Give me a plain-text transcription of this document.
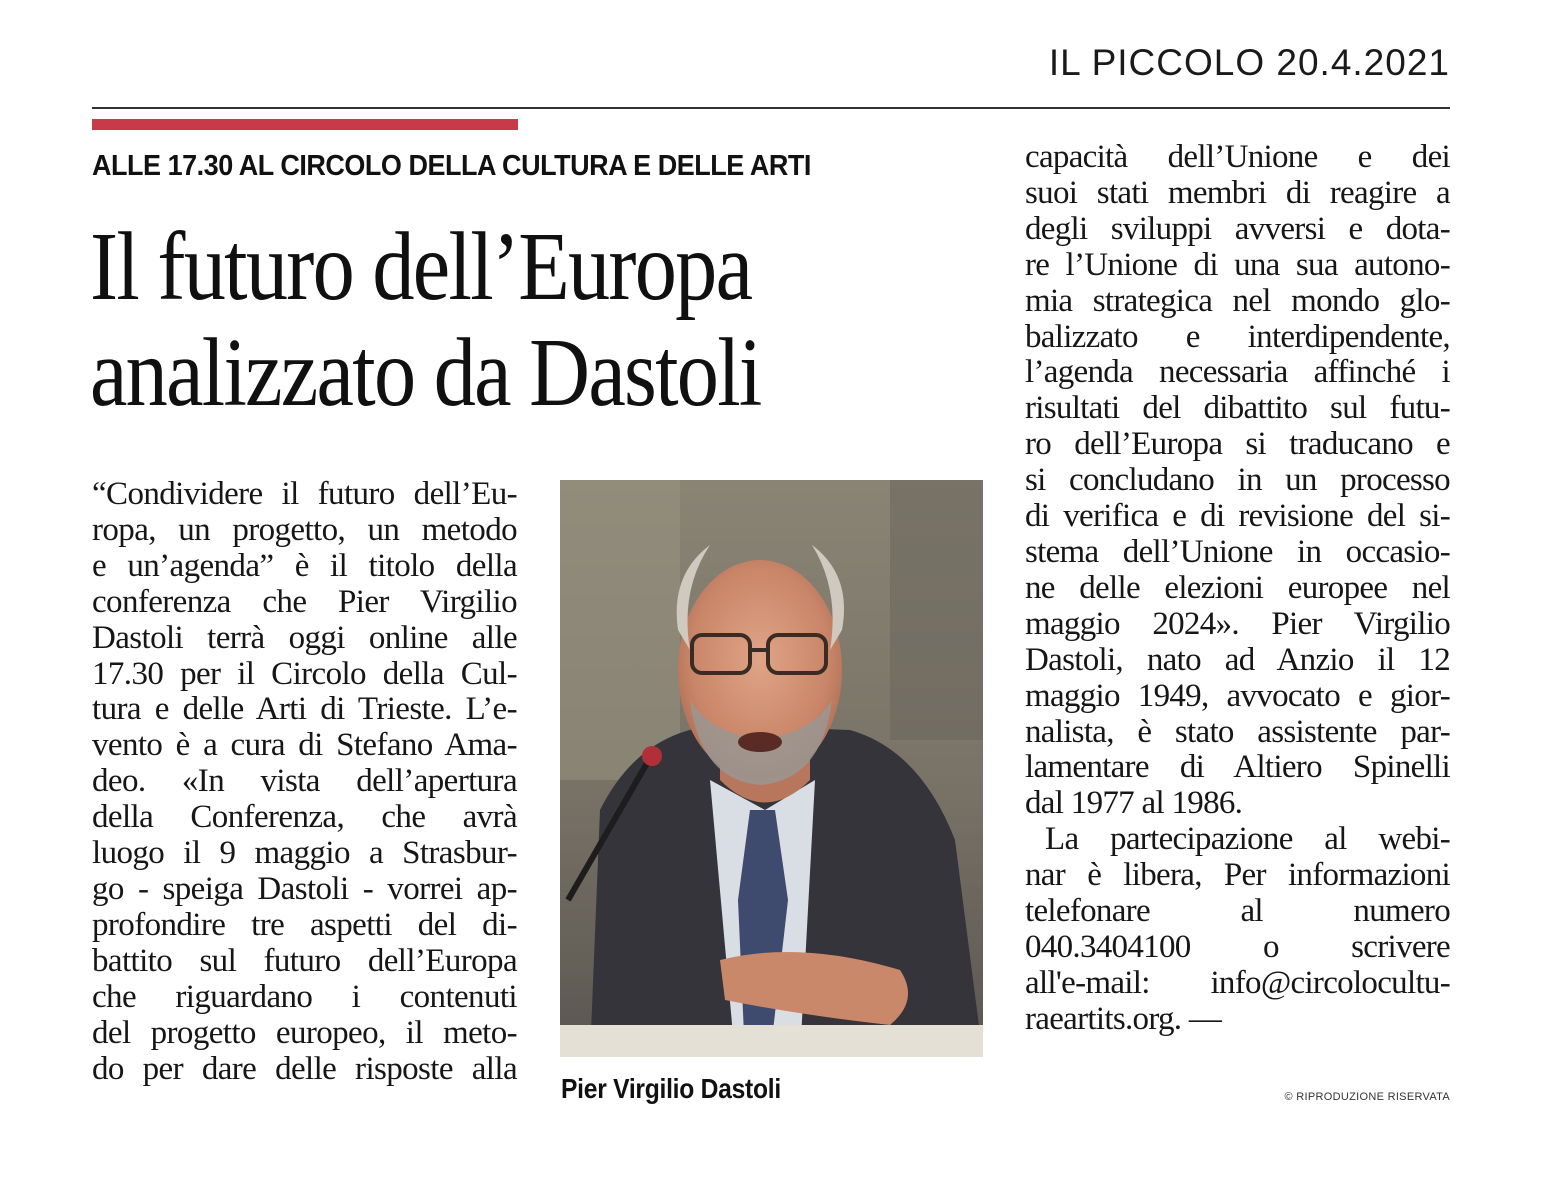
IL PICCOLO 20.4.2021
ALLE 17.30 AL CIRCOLO DELLA CULTURA E DELLE ARTI
Il futuro dell’Europa
analizzato da Dastoli
“Condividere il futuro dell’Eu-
ropa, un progetto, un metodo
e un’agenda” è il titolo della
conferenza che Pier Virgilio
Dastoli terrà oggi online alle
17.30 per il Circolo della Cul-
tura e delle Arti di Trieste. L’e-
vento è a cura di Stefano Ama-
deo. «In vista dell’apertura
della Conferenza, che avrà
luogo il 9 maggio a Strasbur-
go - speiga Dastoli - vorrei ap-
profondire tre aspetti del di-
battito sul futuro dell’Europa
che riguardano i contenuti
del progetto europeo, il meto-
do per dare delle risposte alla
Pier Virgilio Dastoli
capacità dell’Unione e dei
suoi stati membri di reagire a
degli sviluppi avversi e dota-
re l’Unione di una sua autono-
mia strategica nel mondo glo-
balizzato e interdipendente,
l’agenda necessaria affinché i
risultati del dibattito sul futu-
ro dell’Europa si traducano e
si concludano in un processo
di verifica e di revisione del si-
stema dell’Unione in occasio-
ne delle elezioni europee nel
maggio 2024». Pier Virgilio
Dastoli, nato ad Anzio il 12
maggio 1949, avvocato e gior-
nalista, è stato assistente par-
lamentare di Altiero Spinelli
dal 1977 al 1986.
La partecipazione al webi-
nar è libera, Per informazioni
telefonare al numero
040.3404100 o scrivere
all'e-mail: info@circolocultu-
raeartits.org. —
© RIPRODUZIONE RISERVATA
